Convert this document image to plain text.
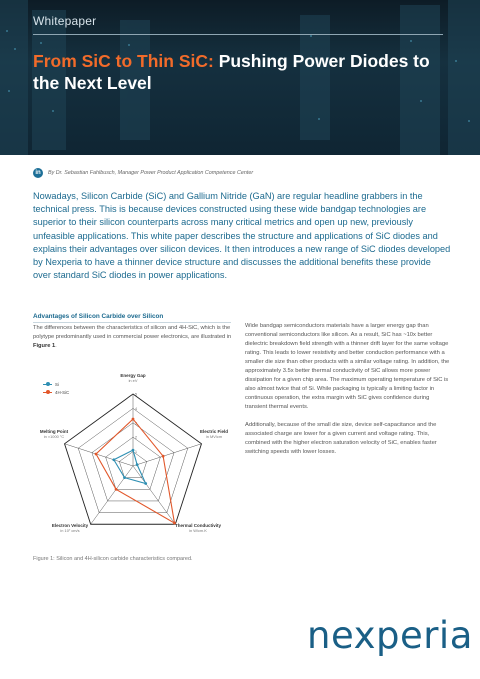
Whitepaper
From SiC to Thin SiC: Pushing Power Diodes to the Next Level
in	By Dr. Sebastian Fahlbusch, Manager Power Product Application Competence Center

Nowadays, Silicon Carbide (SiC) and Gallium Nitride (GaN) are regular headline grabbers in the technical press. This is because devices constructed using these wide bandgap technologies are superior to their silicon counterparts across many critical metrics and open up new, previously unfeasible applications. This white paper describes the structure and applications of SiC diodes and explains their advantages over silicon devices. It then introduces a new range of SiC diodes developed by Nexperia to have a thinner device structure and discusses the additional benefits these provide over standard SiC diodes in power applications.

Advantages of Silicon Carbide over Silicon

The differences between the characteristics of silicon and 4H-SiC, which is the polytype predominantly used in commercial power electronics, are illustrated in Figure 1.

1
2
3
4
5
Si
4H-SiC
Energy Gap
in eV
Electric Field
in MV/cm
Thermal Conductivity
in W/cm.K
Electron Velocity
in 10⁷ cm/s
Melting Point
in ×1000 °C
Figure 1: Silicon and 4H-silicon carbide characteristics compared.

Wide bandgap semiconductors materials have a larger energy gap than conventional semiconductors like silicon. As a result, SiC has ~10x better dielectric breakdown field strength with a thinner drift layer for the same voltage rating. This leads to lower resistivity and better conduction performance with a smaller die size than other products with a similar voltage rating. In addition, the approximately 3.5x better thermal conductivity of SiC allows more power dissipation for a given chip area. The maximum operating temperature of SiC is also almost twice that of Si. While packaging is typically a limiting factor in continuous operation, the extra margin with SiC gives confidence during transient thermal events.

Additionally, because of the small die size, device self-capacitance and the associated charge are lower for a given current and voltage rating. This, combined with the higher electron saturation velocity of SiC, enables faster switching speeds with lower losses.

nexperia
